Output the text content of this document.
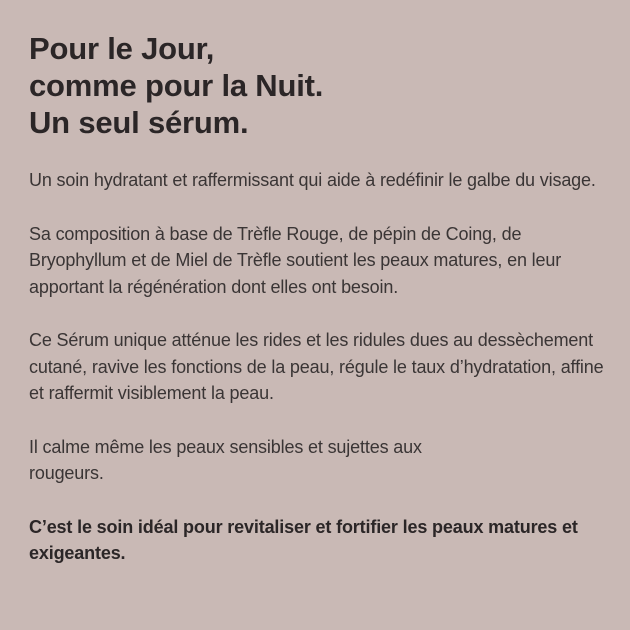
Pour le Jour,
comme pour la Nuit.
Un seul sérum.

Un soin hydratant et raffermissant qui aide à redéfinir le galbe du visage.

Sa composition à base de Trèfle Rouge, de pépin de Coing, de Bryophyllum et de Miel de Trèfle soutient les peaux matures, en leur apportant la régénération dont elles ont besoin.

Ce Sérum unique atténue les rides et les ridules dues au dessèchement cutané, ravive les fonctions de la peau, régule le taux d’hydratation, affine et raffermit visiblement la peau.

Il calme même les peaux sensibles et sujettes aux rougeurs.

C’est le soin idéal pour revitaliser et fortifier les peaux matures et exigeantes.
